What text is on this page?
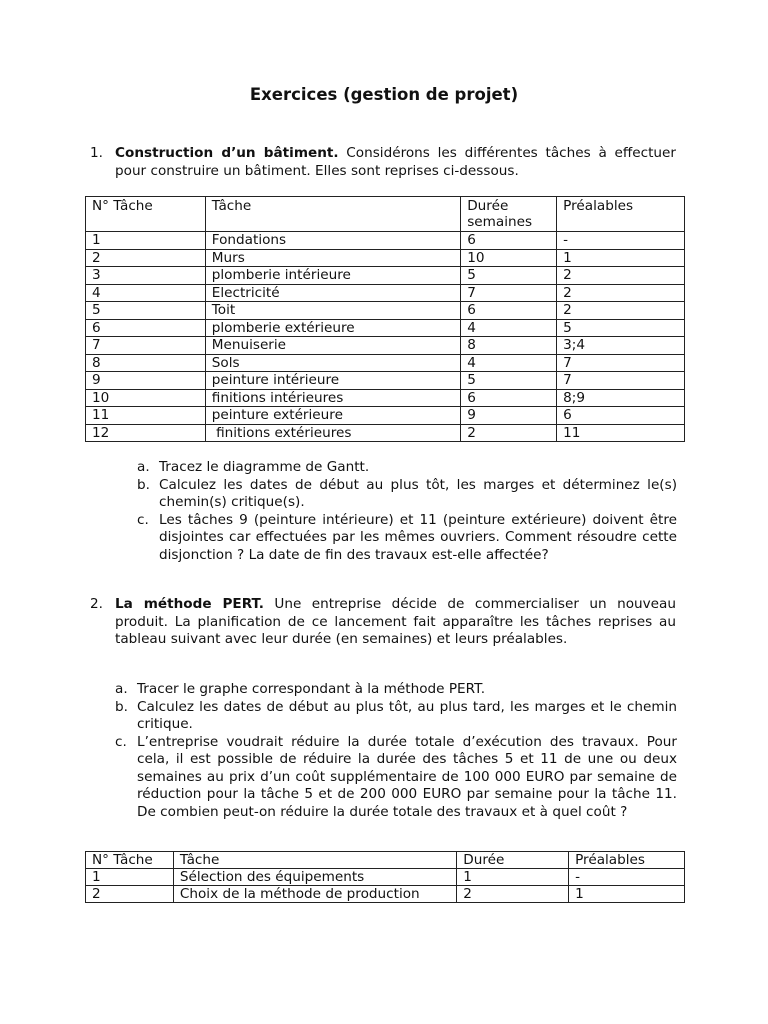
Exercices (gestion de projet)
1. Construction d’un bâtiment. Considérons les différentes tâches à effectuer pour construire un bâtiment. Elles sont reprises ci-dessous.
N° Tâche	Tâche	Durée semaines	Préalables
1	Fondations	6	-
2	Murs	10	1
3	plomberie intérieure	5	2
4	Electricité	7	2
5	Toit	6	2
6	plomberie extérieure	4	5
7	Menuiserie	8	3;4
8	Sols	4	7
9	peinture intérieure	5	7
10	finitions intérieures	6	8;9
11	peinture extérieure	9	6
12	finitions extérieures	2	11
a. Tracez le diagramme de Gantt.
b. Calculez les dates de début au plus tôt, les marges et déterminez le(s) chemin(s) critique(s).
c. Les tâches 9 (peinture intérieure) et 11 (peinture extérieure) doivent être disjointes car effectuées par les mêmes ouvriers. Comment résoudre cette disjonction ? La date de fin des travaux est-elle affectée?
2. La méthode PERT. Une entreprise décide de commercialiser un nouveau produit. La planification de ce lancement fait apparaître les tâches reprises au tableau suivant avec leur durée (en semaines) et leurs préalables.
a. Tracer le graphe correspondant à la méthode PERT.
b. Calculez les dates de début au plus tôt, au plus tard, les marges et le chemin critique.
c. L’entreprise voudrait réduire la durée totale d’exécution des travaux. Pour cela, il est possible de réduire la durée des tâches 5 et 11 de une ou deux semaines au prix d’un coût supplémentaire de 100 000 EURO par semaine de réduction pour la tâche 5 et de 200 000 EURO par semaine pour la tâche 11. De combien peut-on réduire la durée totale des travaux et à quel coût ?
N° Tâche	Tâche	Durée	Préalables
1	Sélection des équipements	1	-
2	Choix de la méthode de production	2	1
